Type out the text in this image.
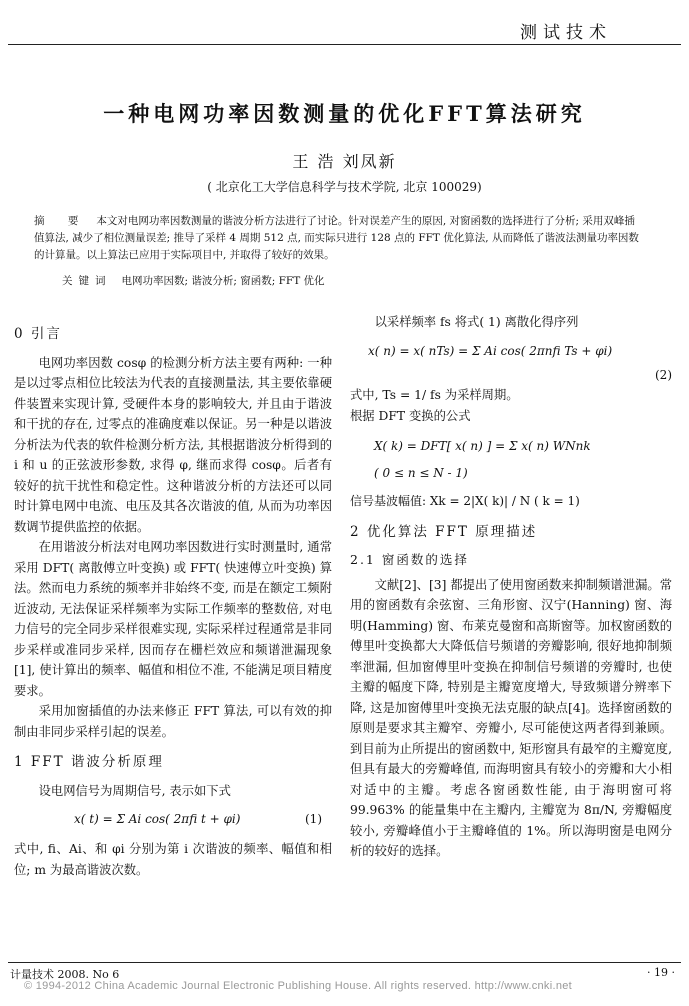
测试技术
一种电网功率因数测量的优化FFT算法研究
王 浩 刘凤新
( 北京化工大学信息科学与技术学院, 北京 100029)
摘 要 本文对电网功率因数测量的谐波分析方法进行了讨论。针对误差产生的原因, 对窗函数的选择进行了分析; 采用双峰插值算法, 减少了相位测量误差; 推导了采样 4 周期 512 点, 而实际只进行 128 点的 FFT 优化算法, 从而降低了谐波法测量功率因数的计算量。以上算法已应用于实际项目中, 并取得了较好的效果。
关键词 电网功率因数; 谐波分析; 窗函数; FFT 优化

0 引言

电网功率因数 cosφ 的检测分析方法主要有两种: 一种是以过零点相位比较法为代表的直接测量法, 其主要依靠硬件装置来实现计算, 受硬件本身的影响较大, 并且由于谐波和干扰的存在, 过零点的准确度难以保证。另一种是以谐波分析法为代表的软件检测分析方法, 其根据谐波分析得到的 i 和 u 的正弦波形参数, 求得 φ, 继而求得 cosφ。后者有较好的抗干扰性和稳定性。这种谐波分析的方法还可以同时计算电网中电流、电压及其各次谐波的值, 从而为功率因数调节提供监控的依据。

在用谐波分析法对电网功率因数进行实时测量时, 通常采用 DFT( 离散傅立叶变换) 或 FFT( 快速傅立叶变换) 算法。然而电力系统的频率并非始终不变, 而是在额定工频附近波动, 无法保证采样频率为实际工作频率的整数倍, 对电力信号的完全同步采样很难实现, 实际采样过程通常是非同步采样或准同步采样, 因而存在栅栏效应和频谱泄漏现象[1], 使计算出的频率、幅值和相位不准, 不能满足项目精度要求。

采用加窗插值的办法来修正 FFT 算法, 可以有效的抑制由非同步采样引起的误差。

1 FFT 谐波分析原理

设电网信号为周期信号, 表示如下式

x( t) = Σ Ai cos( 2πfi t + φi)	(1)

式中, fi、Ai、和 φi 分别为第 i 次谐波的频率、幅值和相位; m 为最高谐波次数。

以采样频率 fs 将式( 1) 离散化得序列

x( n) = x( nTs) = Σ Ai cos( 2πnfi Ts + φi)
(2)

式中, Ts = 1/ fs 为采样周期。

根据 DFT 变换的公式

X( k) = DFT[ x( n) ] = Σ x( n) WNnk
( 0 ≤ n ≤ N - 1)
信号基波幅值: Xk = 2|X( k)| / N ( k = 1)

2 优化算法 FFT 原理描述

2.1 窗函数的选择

文献[2]、[3] 都提出了使用窗函数来抑制频谱泄漏。常用的窗函数有余弦窗、三角形窗、汉宁(Hanning) 窗、海明(Hamming) 窗、布莱克曼窗和高斯窗等。加权窗函数的傅里叶变换都大大降低信号频谱的旁瓣影响, 很好地抑制频率泄漏, 但加窗傅里叶变换在抑制信号频谱的旁瓣时, 也使主瓣的幅度下降, 特别是主瓣宽度增大, 导致频谱分辨率下降, 这是加窗傅里叶变换无法克服的缺点[4]。选择窗函数的原则是要求其主瓣窄、旁瓣小, 尽可能使这两者得到兼顾。到目前为止所提出的窗函数中, 矩形窗具有最窄的主瓣宽度, 但具有最大的旁瓣峰值, 而海明窗具有较小的旁瓣和大小相对适中的主瓣。考虑各窗函数性能, 由于海明窗可将 99.963% 的能量集中在主瓣内, 主瓣宽为 8π/N, 旁瓣幅度较小, 旁瓣峰值小于主瓣峰值的 1%。所以海明窗是电网分析的较好的选择。

计量技术 2008. No 6	· 19 ·
© 1994-2012 China Academic Journal Electronic Publishing House. All rights reserved. http://www.cnki.net
